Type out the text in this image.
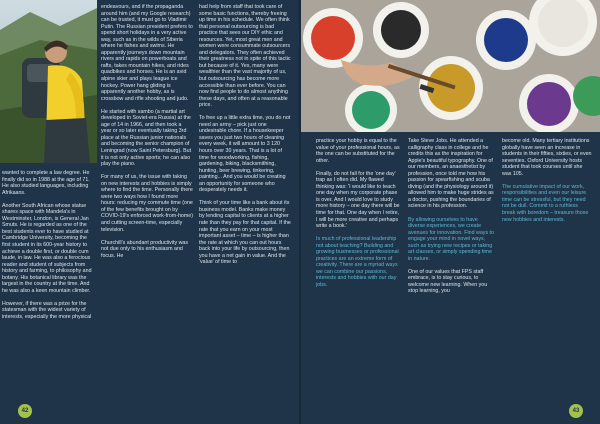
wanted to complete a law degree. He finally did so in 1988 at the age of 71. He also studied languages, including Afrikaans.

Another South African whose statue shares space with Mandela's in Westminster, London, is General Jan Smuts. He is regarded as one of the best students ever to have studied at Cambridge University, becoming the first student in its 600-year history to achieve a double first, or double cum laude, in law. He was also a ferocious reader and student of subjects from history and farming, to philosophy and botany. His botanical library was the largest in the country at the time. And he was also a keen mountain climber.

However, if there was a prize for the statesman with the widest variety of interests, especially the more physical

endeavours, and if the propaganda around him (and my Google research) can be trusted, it must go to Vladimir Putin. The Russian president prefers to spend short holidays in a very active way, such as in the wilds of Siberia where he fishes and swims. He apparently journeys down mountain rivers and rapids on powerboats and rafts, takes mountain hikes, and rides quadbikes and horses. He is an avid alpine skier and plays league ice hockey. Power hang gliding is apparently another hobby, as is crossbow and rifle shooting and judo.

He started with sambo (a martial art developed in Soviet-era Russia) at the age of 14 in 1966, and then took a year or so later eventually taking 3rd place at the Russian junior nationals and becoming the senior champion of Leningrad (now Saint Petersburg). But it is not only active sports; he can also play the piano.

For many of us, the issue with taking on new interests and hobbies is simply where to find the time. Personally there were two ways how I found more hours: reducing my commute time (one of the few benefits brought on by COVID-19's enforced work-from-home) and cutting screen-time, especially television.

Churchill's abundant productivity was not due only to his enthusiasm and focus. He

had help from staff that took care of some basic functions, thereby freeing up time in his schedule. We often think that personal outsourcing is bad practice that sees our DIY ethic and resources. Yet, most great men and women were consummate outsourcers and delegators. They often achieved their greatness not in spite of this tactic but because of it. Yes, many were wealthier than the vast majority of us, but outsourcing has become more accessible than ever before. You can now find people to do almost anything these days, and often at a reasonable price.

To free up a little extra time, you do not need an army – pick just one undesirable chore. If a housekeeper saves you just two hours of cleaning every week, it will amount to 3 120 hours over 30 years. That is a lot of time for woodworking, fishing, gardening, biking, blacksmithing, hunting, beer brewing, tinkering, painting... And you would be creating an opportunity for someone who desperately needs it.

Think of your time like a bank about its business model. Banks make money by lending capital to clients at a higher rate than they pay for that capital. If the rate that you earn on your most important asset – time – is higher than the rate at which you can out hours back into your life by outsourcing, then you have a net gain in value. And the 'value' of time to

42

practice your hobby is equal to the value of your professional hours, as the one can be substituted for the other.

Finally, do not fall for the 'one day' trap as I often did. My flawed thinking was: 'I would like to teach one day when my corporate phase is over. And I would love to study more history – one day there will be time for that. One day when I retire, I will be more creative and perhaps write a book.'

Is much of professional leadership not about teaching? Building and growing businesses or professional practices are an extreme form of creativity. There are a myriad ways we can combine our passions, interests and hobbies with our day jobs.

Take Steve Jobs. He attended a calligraphy class in college and he credits this as the inspiration for Apple's beautiful typography. One of our members, an anaesthetist by profession, once told me how his passion for spearfishing and scuba diving (and the physiology around it) allowed him to make huge strides as a doctor, pushing the boundaries of science in his profession.

By allowing ourselves to have diverse experiences, we create avenues for innovation. Find ways to engage your mind in novel ways, such as trying new recipes or taking art classes, or simply spending time in nature.

One of our values that FPS staff embrace, is to stay curious, to welcome new learning. When you stop learning, you

become old. Many tertiary institutions globally have seen an increase in students in their fifties, sixties, or even seventies. Oxford University hosts student that took courses until she was 105.

The cumulative impact of our work, responsibilities and even our leisure time can be stressful, but they need not be dull. Commit to a ruthless break with boredom – treasure those new hobbies and interests.

43
